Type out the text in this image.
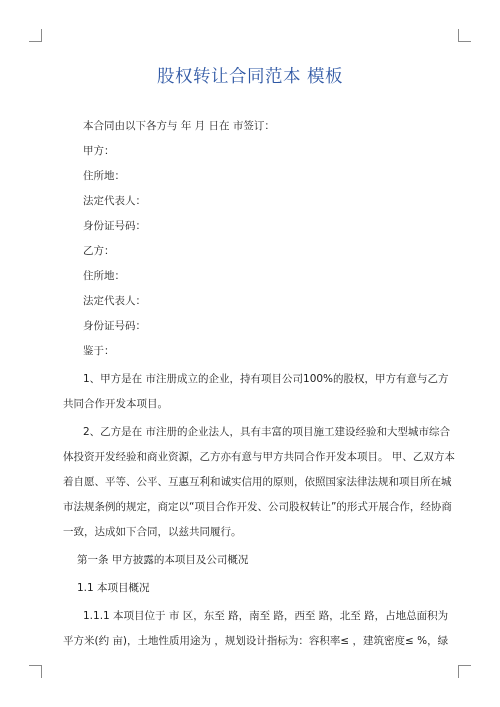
股权转让合同范本 模板
本合同由以下各方与 年 月 日在 市签订：
甲方：
住所地：
法定代表人：
身份证号码：
乙方：
住所地：
法定代表人：
身份证号码：
鉴于：
1、甲方是在 市注册成立的企业，持有项目公司100%的股权，甲方有意与乙方
共同合作开发本项目。
2、乙方是在 市注册的企业法人，具有丰富的项目施工建设经验和大型城市综合
体投资开发经验和商业资源，乙方亦有意与甲方共同合作开发本项目。 甲、乙双方本
着自愿、平等、公平、互惠互利和诚实信用的原则，依照国家法律法规和项目所在城
市法规条例的规定，商定以“项目合作开发、公司股权转让”的形式开展合作，经协商
一致，达成如下合同，以兹共同履行。
第一条 甲方披露的本项目及公司概况
1.1 本项目概况
1.1.1 本项目位于 市 区，东至 路，南至 路，西至 路，北至 路，占地总面积为
平方米(约 亩)，土地性质用途为 ，规划设计指标为：容积率≤ ，建筑密度≤ %，绿
